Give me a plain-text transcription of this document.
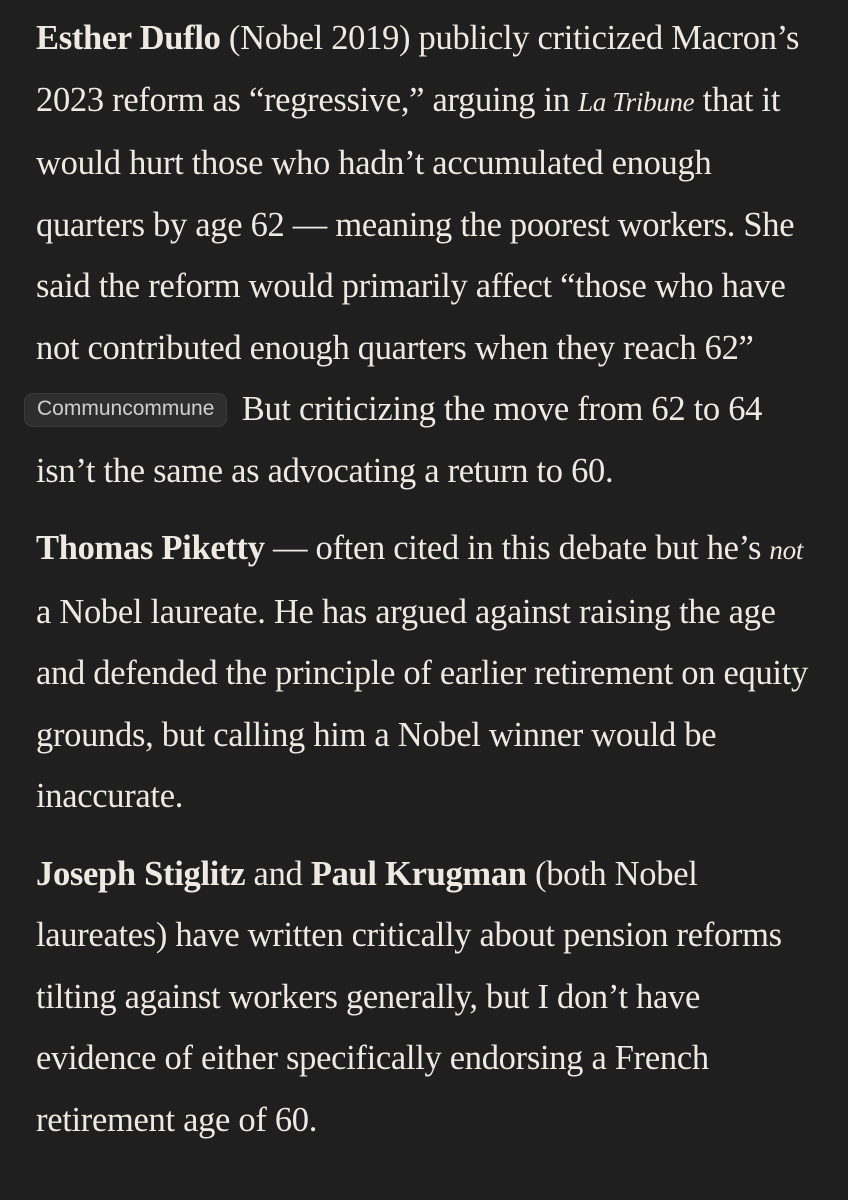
Esther Duflo (Nobel 2019) publicly criticized Macron’s 2023 reform as “regressive,” arguing in La Tribune that it would hurt those who hadn’t accumulated enough quarters by age 62 — meaning the poorest workers. She said the reform would primarily affect “those who have not contributed enough quarters when they reach 62” Communcommune But criticizing the move from 62 to 64 isn’t the same as advocating a return to 60.

Thomas Piketty — often cited in this debate but he’s not a Nobel laureate. He has argued against raising the age and defended the principle of earlier retirement on equity grounds, but calling him a Nobel winner would be inaccurate.

Joseph Stiglitz and Paul Krugman (both Nobel laureates) have written critically about pension reforms tilting against workers generally, but I don’t have evidence of either specifically endorsing a French retirement age of 60.
